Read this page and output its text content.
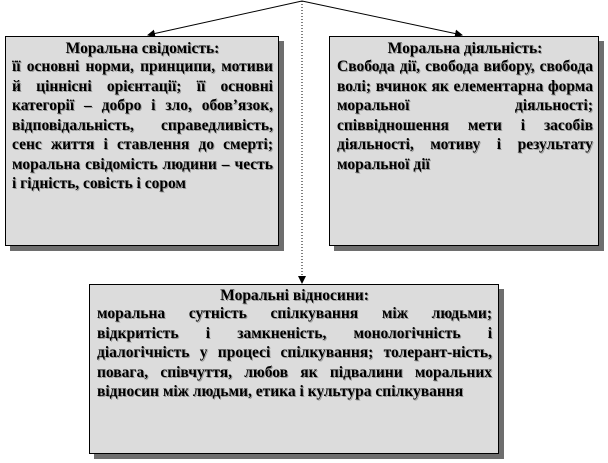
Моральна свідомість:

її основні норми, принципи, мотиви й ціннісні орієнтації; її основні категорії – добро і зло, обов’язок, відповідальність, справедливість, сенс життя і ставлення до смерті; моральна свідомість людини – честь і гідність, совість і сором

Моральна діяльність:

Свобода дії, свобода вибору, свобода волі; вчинок як елементарна форма моральної діяльності; співвідношення мети і засобів діяльності, мотиву і результату моральної дії

Моральні відносини:

моральна сутність спілкування між людьми; відкритість і замкненість, монологічність і діалогічність у процесі спілкування; толерант-ність, повага, співчуття, любов як підвалини моральних відносин між людьми, етика і культура спілкування
